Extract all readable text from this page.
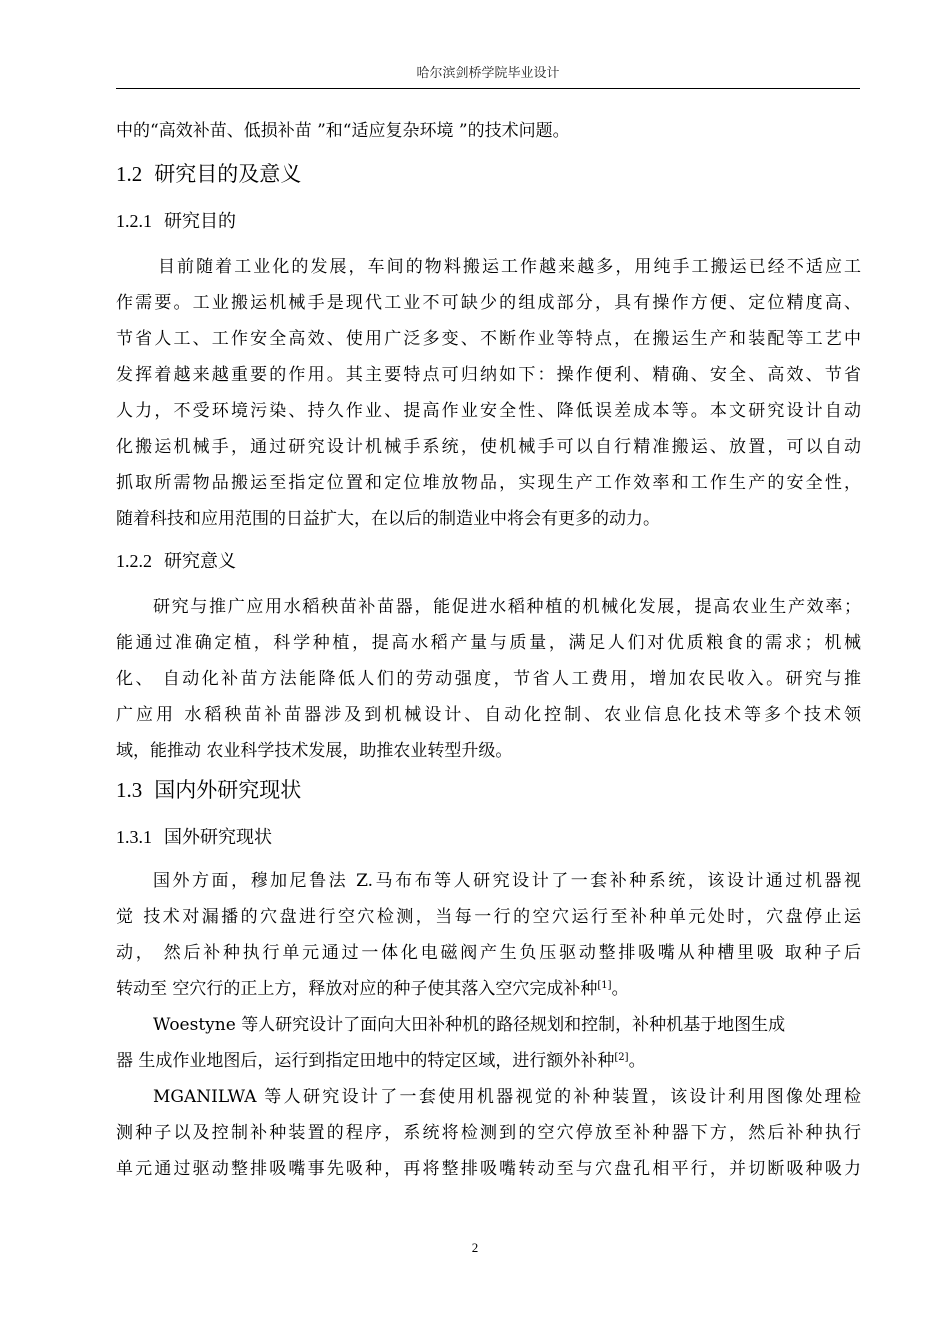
哈尔滨剑桥学院毕业设计
中的“高效补苗、低损补苗 ”和“适应复杂环境 ”的技术问题。
1.2 研究目的及意义
1.2.1 研究目的
目前随着工业化的发展，车间的物料搬运工作越来越多，用纯手工搬运已经不适应工
作需要。工业搬运机械手是现代工业不可缺少的组成部分，具有操作方便、定位精度高、
节省人工、工作安全高效、使用广泛多变、不断作业等特点，在搬运生产和装配等工艺中
发挥着越来越重要的作用。其主要特点可归纳如下：操作便利、精确、安全、高效、节省
人力，不受环境污染、持久作业、提高作业安全性、降低误差成本等。本文研究设计自动
化搬运机械手，通过研究设计机械手系统，使机械手可以自行精准搬运、放置，可以自动
抓取所需物品搬运至指定位置和定位堆放物品，实现生产工作效率和工作生产的安全性，
随着科技和应用范围的日益扩大，在以后的制造业中将会有更多的动力。
1.2.2 研究意义
研究与推广应用水稻秧苗补苗器，能促进水稻种植的机械化发展，提高农业生产效率；
能通过准确定植，科学种植，提高水稻产量与质量，满足人们对优质粮食的需求；机械
化、 自动化补苗方法能降低人们的劳动强度，节省人工费用，增加农民收入。研究与推
广应用 水稻秧苗补苗器涉及到机械设计、自动化控制、农业信息化技术等多个技术领
域，能推动 农业科学技术发展，助推农业转型升级。
1.3 国内外研究现状
1.3.1 国外研究现状
国外方面，穆加尼鲁法 Z.马布布等人研究设计了一套补种系统，该设计通过机器视
觉 技术对漏播的穴盘进行空穴检测，当每一行的空穴运行至补种单元处时，穴盘停止运
动， 然后补种执行单元通过一体化电磁阀产生负压驱动整排吸嘴从种槽里吸 取种子后
转动至 空穴行的正上方，释放对应的种子使其落入空穴完成补种[1]。
Woestyne 等人研究设计了面向大田补种机的路径规划和控制，补种机基于地图生成
器 生成作业地图后，运行到指定田地中的特定区域，进行额外补种[2]。
MGANILWA 等人研究设计了一套使用机器视觉的补种装置，该设计利用图像处理检
测种子以及控制补种装置的程序，系统将检测到的空穴停放至补种器下方，然后补种执行
单元通过驱动整排吸嘴事先吸种，再将整排吸嘴转动至与穴盘孔相平行，并切断吸种吸力
2
